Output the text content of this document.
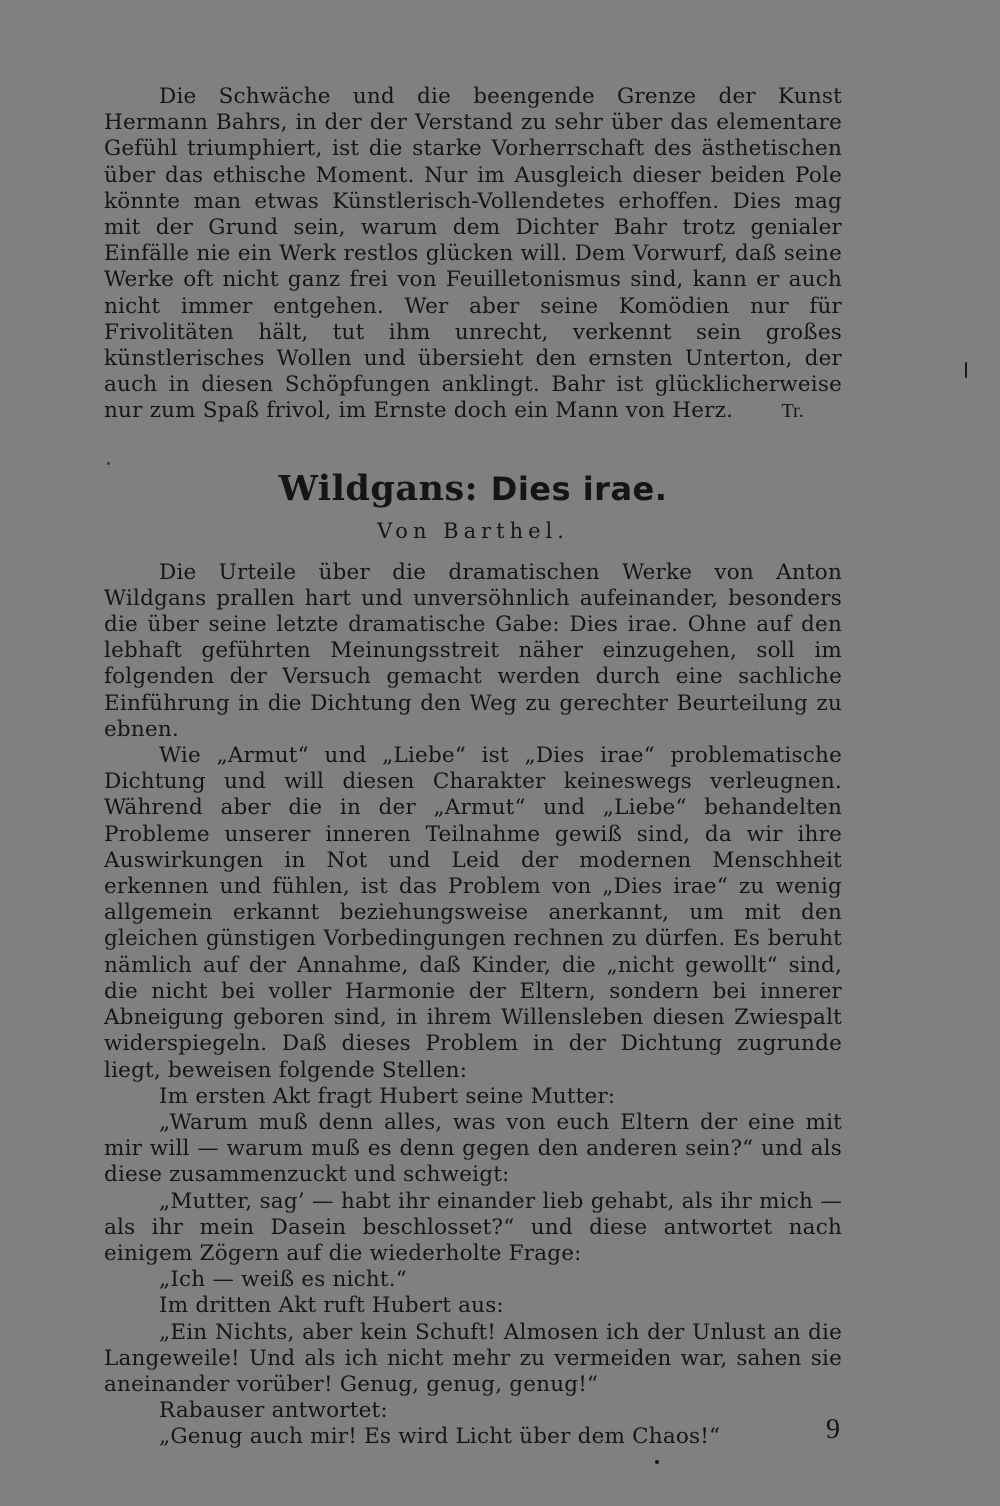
Die Schwäche und die beengende Grenze der Kunst Hermann Bahrs, in der der Verstand zu sehr über das elementare Gefühl triumphiert, ist die starke Vorherrschaft des ästhetischen über das ethische Moment. Nur im Ausgleich dieser beiden Pole könnte man etwas Künstlerisch-Vollendetes erhoffen. Dies mag mit der Grund sein, warum dem Dichter Bahr trotz genialer Einfälle nie ein Werk restlos glücken will. Dem Vorwurf, daß seine Werke oft nicht ganz frei von Feuilletonismus sind, kann er auch nicht immer entgehen. Wer aber seine Komödien nur für Frivolitäten hält, tut ihm unrecht, verkennt sein großes künstlerisches Wollen und übersieht den ernsten Unterton, der auch in diesen Schöpfungen anklingt. Bahr ist glücklicherweise nur zum Spaß frivol, im Ernste doch ein Mann von Herz.	Tr.

Wildgans: Dies irae.
Von Barthel.

Die Urteile über die dramatischen Werke von Anton Wildgans prallen hart und unversöhnlich aufeinander, besonders die über seine letzte dramatische Gabe: Dies irae. Ohne auf den lebhaft geführten Meinungsstreit näher einzugehen, soll im folgenden der Versuch gemacht werden durch eine sachliche Einführung in die Dichtung den Weg zu gerechter Beurteilung zu ebnen.

Wie „Armut“ und „Liebe“ ist „Dies irae“ problematische Dichtung und will diesen Charakter keineswegs verleugnen. Während aber die in der „Armut“ und „Liebe“ behandelten Probleme unserer inneren Teilnahme gewiß sind, da wir ihre Auswirkungen in Not und Leid der modernen Menschheit erkennen und fühlen, ist das Problem von „Dies irae“ zu wenig allgemein erkannt beziehungsweise anerkannt, um mit den gleichen günstigen Vorbedingungen rechnen zu dürfen. Es beruht nämlich auf der Annahme, daß Kinder, die „nicht gewollt“ sind, die nicht bei voller Harmonie der Eltern, sondern bei innerer Abneigung geboren sind, in ihrem Willensleben diesen Zwiespalt widerspiegeln. Daß dieses Problem in der Dichtung zugrunde liegt, beweisen folgende Stellen:

Im ersten Akt fragt Hubert seine Mutter:

„Warum muß denn alles, was von euch Eltern der eine mit mir will — warum muß es denn gegen den anderen sein?“ und als diese zusammenzuckt und schweigt:

„Mutter, sag’ — habt ihr einander lieb gehabt, als ihr mich — als ihr mein Dasein beschlosset?“ und diese antwortet nach einigem Zögern auf die wiederholte Frage:

„Ich — weiß es nicht.“

Im dritten Akt ruft Hubert aus:

„Ein Nichts, aber kein Schuft! Almosen ich der Unlust an die Langeweile! Und als ich nicht mehr zu vermeiden war, sahen sie aneinander vorüber! Genug, genug, genug!“

Rabauser antwortet:

„Genug auch mir! Es wird Licht über dem Chaos!“	9
